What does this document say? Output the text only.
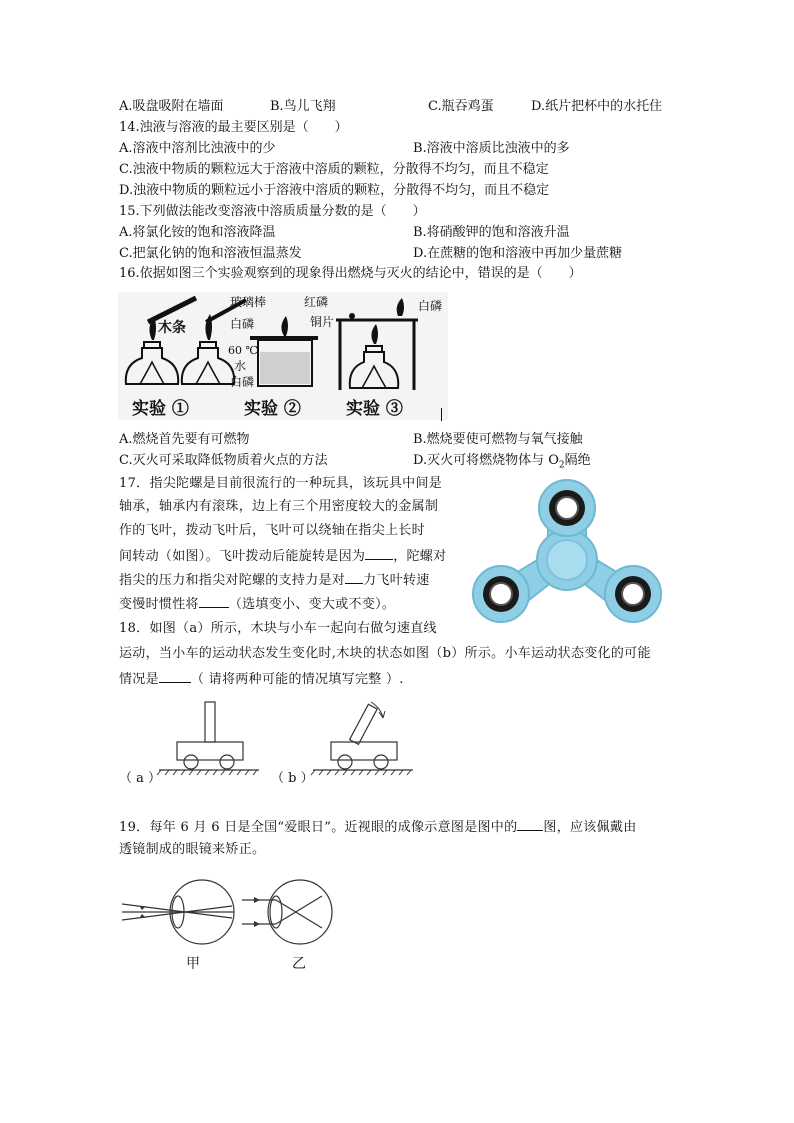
A.吸盘吸附在墙面	B.鸟儿飞翔	C.瓶吞鸡蛋	D.纸片把杯中的水托住
14.浊液与溶液的最主要区别是（　　）
A.溶液中溶剂比浊液中的少	B.溶液中溶质比浊液中的多
C.浊液中物质的颗粒远大于溶液中溶质的颗粒，分散得不均匀，而且不稳定
D.浊液中物质的颗粒远小于溶液中溶质的颗粒，分散得不均匀，而且不稳定
15.下列做法能改变溶液中溶质质量分数的是（　　）
A.将氯化铵的饱和溶液降温	B.将硝酸钾的饱和溶液升温
C.把氯化钠的饱和溶液恒温蒸发	D.在蔗糖的饱和溶液中再加少量蔗糖
16.依据如图三个实验观察到的现象得出燃烧与灭火的结论中，错误的是（　　）
木条
玻璃棒
白磷
60 ℃
水
白磷
红磷
铜片
白磷
实验 ①	实验 ②	实验 ③
A.燃烧首先要有可燃物	B.燃烧要使可燃物与氧气接触
C.灭火可采取降低物质着火点的方法	D.灭火可将燃烧物体与 $O_2$隔绝
17．指尖陀螺是目前很流行的一种玩具，该玩具中间是
轴承，轴承内有滚珠，边上有三个用密度较大的金属制
作的飞叶，拨动飞叶后，飞叶可以绕轴在指尖上长时
间转动（如图）。飞叶拨动后能旋转是因为 ，陀螺对
指尖的压力和指尖对陀螺的支持力是对 力飞叶转速
变慢时惯性将 （选填变小、变大或不变）。
18．如图（a）所示，木块与小车一起向右做匀速直线
运动，当小车的运动状态发生变化时,木块的状态如图（b）所示。小车运动状态变化的可能
情况是 （ 请将两种可能的情况填写完整 ）.
（ a ）	（ b ）
19．每年 6 月 6 日是全国“爱眼日”。近视眼的成像示意图是图中的 图，应该佩戴由
透镜制成的眼镜来矫正。
甲	乙
